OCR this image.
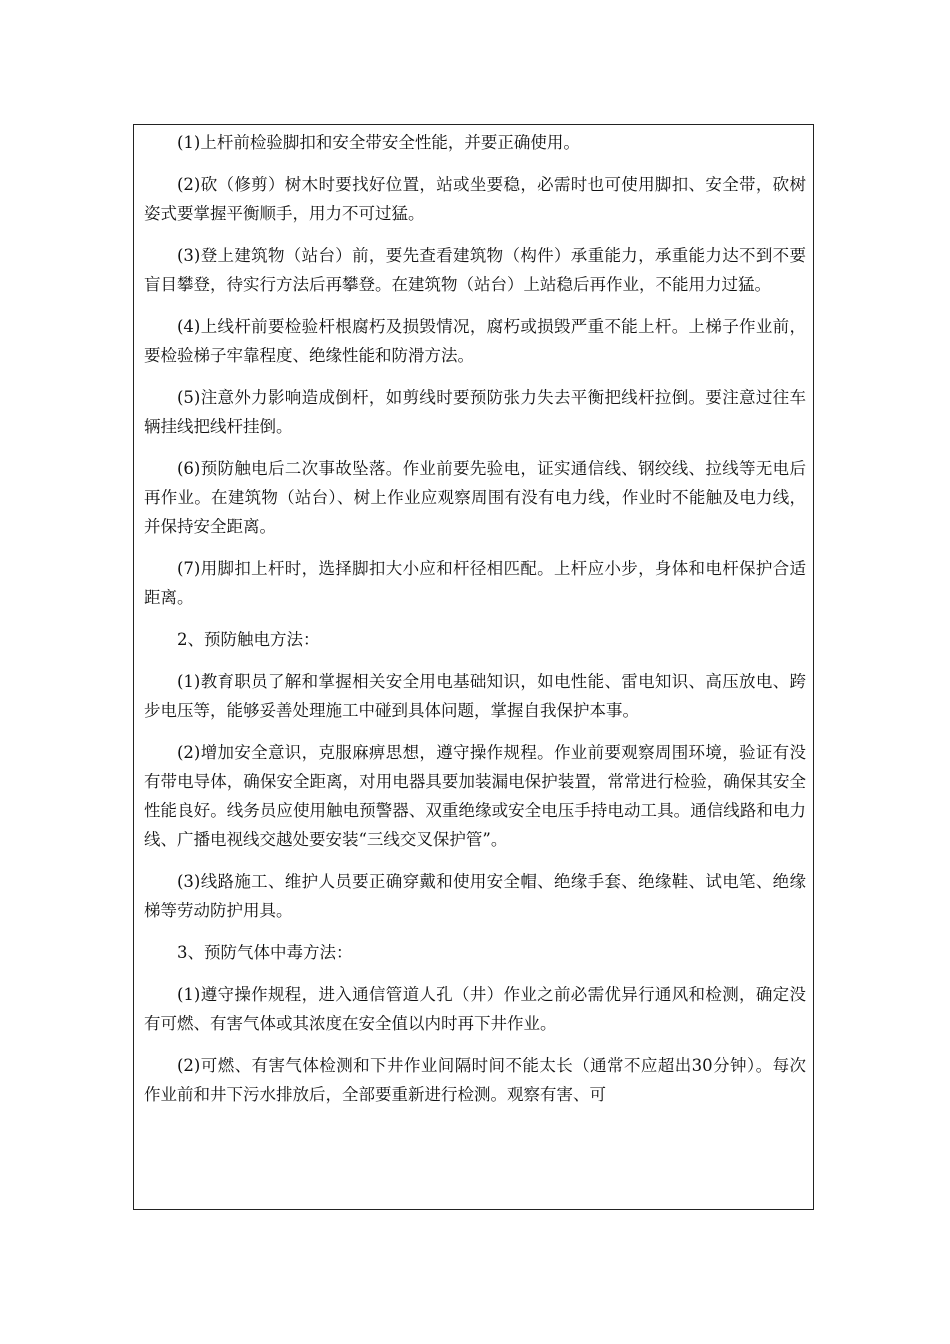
(1)上杆前检验脚扣和安全带安全性能，并要正确使用。

(2)砍（修剪）树木时要找好位置，站或坐要稳，必需时也可使用脚扣、安全带，砍树姿式要掌握平衡顺手，用力不可过猛。

(3)登上建筑物（站台）前，要先查看建筑物（构件）承重能力，承重能力达不到不要盲目攀登，待实行方法后再攀登。在建筑物（站台）上站稳后再作业，不能用力过猛。

(4)上线杆前要检验杆根腐朽及损毁情况，腐朽或损毁严重不能上杆。上梯子作业前，要检验梯子牢靠程度、绝缘性能和防滑方法。

(5)注意外力影响造成倒杆，如剪线时要预防张力失去平衡把线杆拉倒。要注意过往车辆挂线把线杆挂倒。

(6)预防触电后二次事故坠落。作业前要先验电，证实通信线、钢绞线、拉线等无电后再作业。在建筑物（站台）、树上作业应观察周围有没有电力线，作业时不能触及电力线，并保持安全距离。

(7)用脚扣上杆时，选择脚扣大小应和杆径相匹配。上杆应小步，身体和电杆保护合适距离。

2、预防触电方法：

(1)教育职员了解和掌握相关安全用电基础知识，如电性能、雷电知识、高压放电、跨步电压等，能够妥善处理施工中碰到具体问题，掌握自我保护本事。

(2)增加安全意识，克服麻痹思想，遵守操作规程。作业前要观察周围环境，验证有没有带电导体，确保安全距离，对用电器具要加装漏电保护装置，常常进行检验，确保其安全性能良好。线务员应使用触电预警器、双重绝缘或安全电压手持电动工具。通信线路和电力线、广播电视线交越处要安装“三线交叉保护管”。

(3)线路施工、维护人员要正确穿戴和使用安全帽、绝缘手套、绝缘鞋、试电笔、绝缘梯等劳动防护用具。

3、预防气体中毒方法：

(1)遵守操作规程，进入通信管道人孔（井）作业之前必需优异行通风和检测，确定没有可燃、有害气体或其浓度在安全值以内时再下井作业。

(2)可燃、有害气体检测和下井作业间隔时间不能太长（通常不应超出30分钟）。每次作业前和井下污水排放后，全部要重新进行检测。观察有害、可
